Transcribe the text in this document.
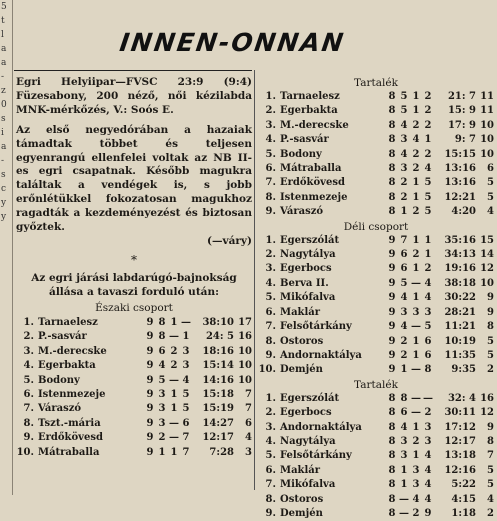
5
t
l
a
a
-
z
0
s
i
a
-
s
c
y
y
INNEN-ONNAN

Egri Helyiipar—FVSC 23:9 (9:4) Füzesabony, 200 néző, női kézilabda MNK-mérkőzés, V.: Soós E.

Az első negyedórában a hazaiak támadtak többet és teljesen egyenrangú ellenfelei voltak az NB II-es egri csapatnak. Később magukra találtak a vendégek is, s jobb erőnlétükkel fokozatosan magukhoz ragadták a kezdeményezést és biztosan győztek.

(—váry)

*
Az egri járási labdarúgó-bajnokság állása a tavaszi forduló után:
Északi csoport
1.	Tarnaelesz	9	8	1	—	38:10	17
2.	P.-sasvár	9	8	—	1	24: 5	16
3.	M.-derecske	9	6	2	3	18:16	10
4.	Egerbakta	9	4	2	3	15:14	10
5.	Bodony	9	5	—	4	14:16	10
6.	Istenmezeje	9	3	1	5	15:18	7
7.	Váraszó	9	3	1	5	15:19	7
8.	Tszt.-mária	9	3	—	6	14:27	6
9.	Erdőkövesd	9	2	—	7	12:17	4
10.	Mátraballa	9	1	1	7	7:28	3
Tartalék
1.	Tarnaelesz	8	5	1	2	21: 7	11
2.	Egerbakta	8	5	1	2	15: 9	11
3.	M.-derecske	8	4	2	2	17: 9	10
4.	P.-sasvár	8	3	4	1	9: 7	10
5.	Bodony	8	4	2	2	15:15	10
6.	Mátraballa	8	3	2	4	13:16	6
7.	Erdőkövesd	8	2	1	5	13:16	5
8.	Istenmezeje	8	2	1	5	12:21	5
9.	Váraszó	8	1	2	5	4:20	4
Déli csoport
1.	Egerszólát	9	7	1	1	35:16	15
2.	Nagytálya	9	6	2	1	34:13	14
3.	Egerbocs	9	6	1	2	19:16	12
4.	Berva II.	9	5	—	4	38:18	10
5.	Mikófalva	9	4	1	4	30:22	9
6.	Maklár	9	3	3	3	28:21	9
7.	Felsőtárkány	9	4	—	5	11:21	8
8.	Ostoros	9	2	1	6	10:19	5
9.	Andornaktálya	9	2	1	6	11:35	5
10.	Demjén	9	1	—	8	9:35	2
Tartalék
1.	Egerszólát	8	8	—	—	32: 4	16
2.	Egerbocs	8	6	—	2	30:11	12
3.	Andornaktálya	8	4	1	3	17:12	9
4.	Nagytálya	8	3	2	3	12:17	8
5.	Felsőtárkány	8	3	1	4	13:18	7
6.	Maklár	8	1	3	4	12:16	5
7.	Mikófalva	8	1	3	4	5:22	5
8.	Ostoros	8	—	4	4	4:15	4
9.	Demjén	8	—	2	9	1:18	2
